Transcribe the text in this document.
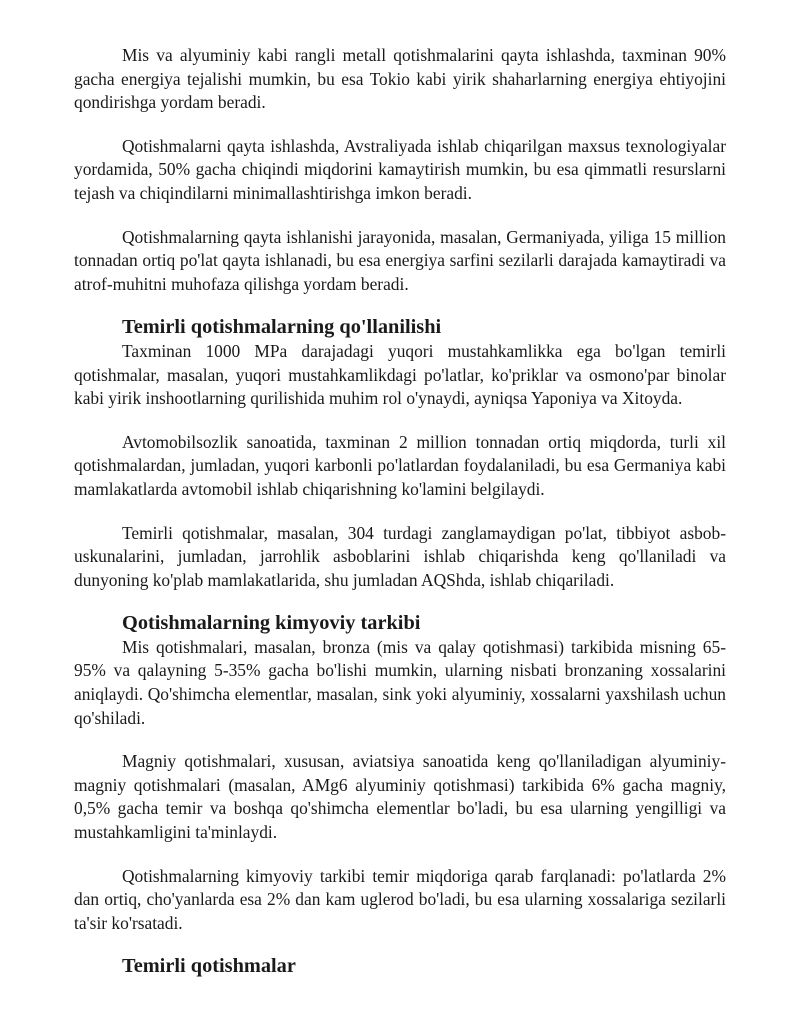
Mis va alyuminiy kabi rangli metall qotishmalarini qayta ishlashda, taxminan 90% gacha energiya tejalishi mumkin, bu esa Tokio kabi yirik shaharlarning energiya ehtiyojini qondirishga yordam beradi.

Qotishmalarni qayta ishlashda, Avstraliyada ishlab chiqarilgan maxsus texnologiyalar yordamida, 50% gacha chiqindi miqdorini kamaytirish mumkin, bu esa qimmatli resurslarni tejash va chiqindilarni minimallashtirishga imkon beradi.

Qotishmalarning qayta ishlanishi jarayonida, masalan, Germaniyada, yiliga 15 million tonnadan ortiq po'lat qayta ishlanadi, bu esa energiya sarfini sezilarli darajada kamaytiradi va atrof-muhitni muhofaza qilishga yordam beradi.

Temirli qotishmalarning qo'llanilishi

Taxminan 1000 MPa darajadagi yuqori mustahkamlikka ega bo'lgan temirli qotishmalar, masalan, yuqori mustahkamlikdagi po'latlar, ko'priklar va osmono'par binolar kabi yirik inshootlarning qurilishida muhim rol o'ynaydi, ayniqsa Yaponiya va Xitoyda.

Avtomobilsozlik sanoatida, taxminan 2 million tonnadan ortiq miqdorda, turli xil qotishmalardan, jumladan, yuqori karbonli po'latlardan foydalaniladi, bu esa Germaniya kabi mamlakatlarda avtomobil ishlab chiqarishning ko'lamini belgilaydi.

Temirli qotishmalar, masalan, 304 turdagi zanglamaydigan po'lat, tibbiyot asbob-uskunalarini, jumladan, jarrohlik asboblarini ishlab chiqarishda keng qo'llaniladi va dunyoning ko'plab mamlakatlarida, shu jumladan AQShda, ishlab chiqariladi.

Qotishmalarning kimyoviy tarkibi

Mis qotishmalari, masalan, bronza (mis va qalay qotishmasi) tarkibida misning 65-95% va qalayning 5-35% gacha bo'lishi mumkin, ularning nisbati bronzaning xossalarini aniqlaydi. Qo'shimcha elementlar, masalan, sink yoki alyuminiy, xossalarni yaxshilash uchun qo'shiladi.

Magniy qotishmalari, xususan, aviatsiya sanoatida keng qo'llaniladigan alyuminiy-magniy qotishmalari (masalan, AMg6 alyuminiy qotishmasi) tarkibida 6% gacha magniy, 0,5% gacha temir va boshqa qo'shimcha elementlar bo'ladi, bu esa ularning yengilligi va mustahkamligini ta'minlaydi.

Qotishmalarning kimyoviy tarkibi temir miqdoriga qarab farqlanadi: po'latlarda 2% dan ortiq, cho'yanlarda esa 2% dan kam uglerod bo'ladi, bu esa ularning xossalariga sezilarli ta'sir ko'rsatadi.

Temirli qotishmalar
